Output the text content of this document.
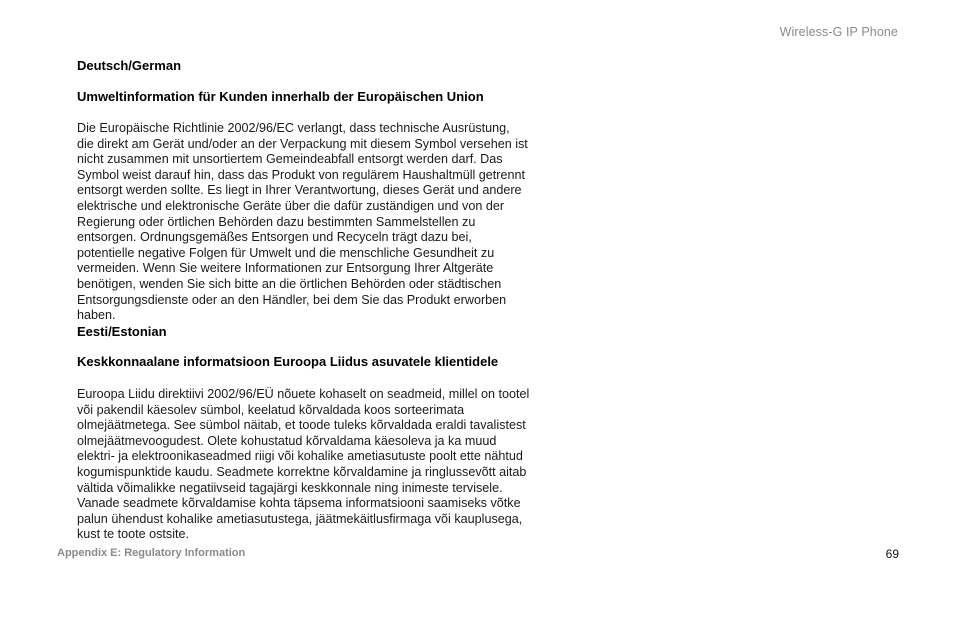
Wireless-G IP Phone
Deutsch/German
Umweltinformation für Kunden innerhalb der Europäischen Union

Die Europäische Richtlinie 2002/96/EC verlangt, dass technische Ausrüstung,
die direkt am Gerät und/oder an der Verpackung mit diesem Symbol versehen ist
nicht zusammen mit unsortiertem Gemeindeabfall entsorgt werden darf. Das
Symbol weist darauf hin, dass das Produkt von regulärem Haushaltmüll getrennt
entsorgt werden sollte. Es liegt in Ihrer Verantwortung, dieses Gerät und andere
elektrische und elektronische Geräte über die dafür zuständigen und von der
Regierung oder örtlichen Behörden dazu bestimmten Sammelstellen zu
entsorgen. Ordnungsgemäßes Entsorgen und Recyceln trägt dazu bei,
potentielle negative Folgen für Umwelt und die menschliche Gesundheit zu
vermeiden. Wenn Sie weitere Informationen zur Entsorgung Ihrer Altgeräte
benötigen, wenden Sie sich bitte an die örtlichen Behörden oder städtischen
Entsorgungsdienste oder an den Händler, bei dem Sie das Produkt erworben
haben.

Eesti/Estonian
Keskkonnaalane informatsioon Euroopa Liidus asuvatele klientidele

Euroopa Liidu direktiivi 2002/96/EÜ nõuete kohaselt on seadmeid, millel on tootel
või pakendil käesolev sümbol, keelatud kõrvaldada koos sorteerimata
olmejäätmetega. See sümbol näitab, et toode tuleks kõrvaldada eraldi tavalistest
olmejäätmevoogudest. Olete kohustatud kõrvaldama käesoleva ja ka muud
elektri- ja elektroonikaseadmed riigi või kohalike ametiasutuste poolt ette nähtud
kogumispunktide kaudu. Seadmete korrektne kõrvaldamine ja ringlussevõtt aitab
vältida võimalikke negatiivseid tagajärgi keskkonnale ning inimeste tervisele.
Vanade seadmete kõrvaldamise kohta täpsema informatsiooni saamiseks võtke
palun ühendust kohalike ametiasutustega, jäätmekäitlusfirmaga või kauplusega,
kust te toote ostsite.

Appendix E: Regulatory Information	69
